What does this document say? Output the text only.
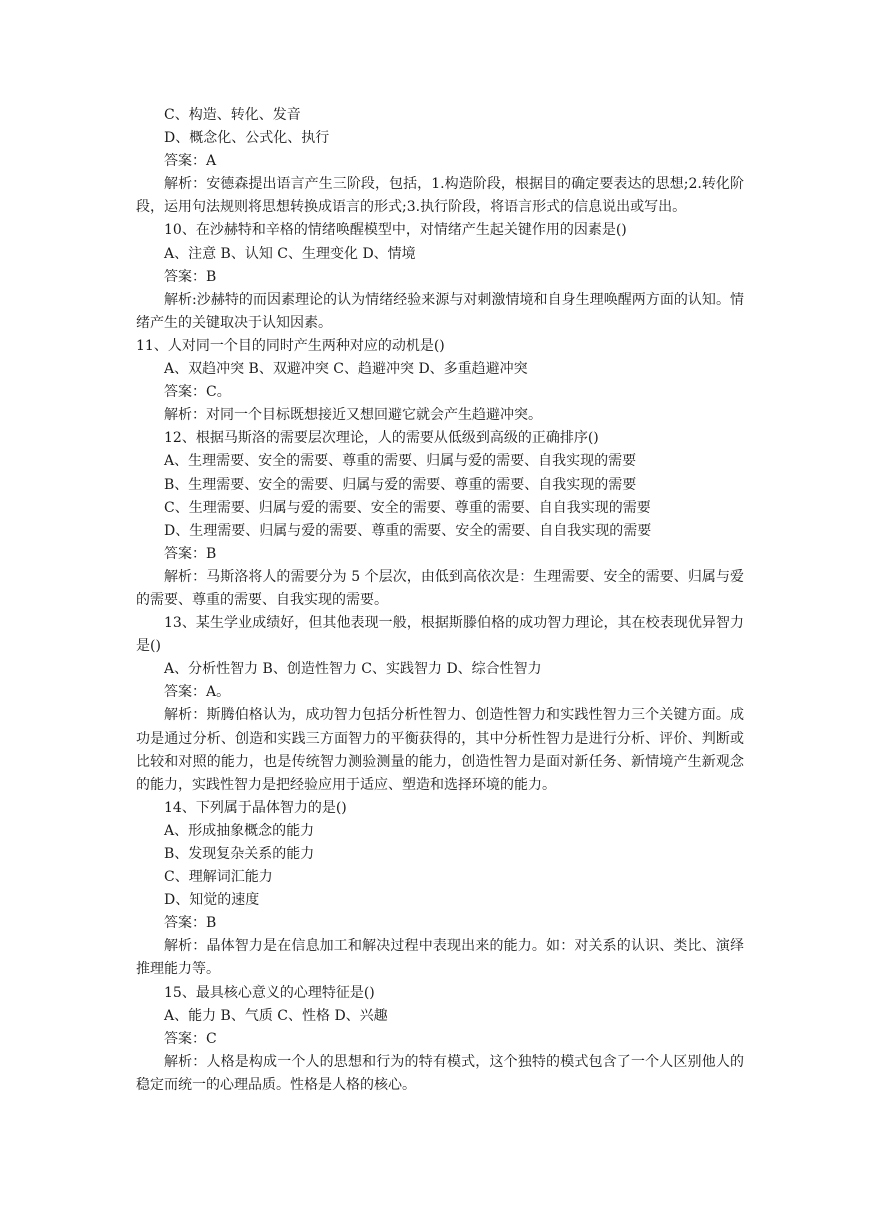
C、构造、转化、发音

D、概念化、公式化、执行

答案：A

解析：安德森提出语言产生三阶段，包括，1.构造阶段，根据目的确定要表达的思想;2.转化阶段，运用句法规则将思想转换成语言的形式;3.执行阶段，将语言形式的信息说出或写出。

10、在沙赫特和辛格的情绪唤醒模型中，对情绪产生起关键作用的因素是()

A、注意 B、认知 C、生理变化 D、情境

答案：B

解析:沙赫特的而因素理论的认为情绪经验来源与对刺激情境和自身生理唤醒两方面的认知。情绪产生的关键取决于认知因素。

11、人对同一个目的同时产生两种对应的动机是()

A、双趋冲突 B、双避冲突 C、趋避冲突 D、多重趋避冲突

答案：C。

解析：对同一个目标既想接近又想回避它就会产生趋避冲突。

12、根据马斯洛的需要层次理论，人的需要从低级到高级的正确排序()

A、生理需要、安全的需要、尊重的需要、归属与爱的需要、自我实现的需要

B、生理需要、安全的需要、归属与爱的需要、尊重的需要、自我实现的需要

C、生理需要、归属与爱的需要、安全的需要、尊重的需要、自自我实现的需要

D、生理需要、归属与爱的需要、尊重的需要、安全的需要、自自我实现的需要

答案：B

解析：马斯洛将人的需要分为 5 个层次，由低到高依次是：生理需要、安全的需要、归属与爱的需要、尊重的需要、自我实现的需要。

13、某生学业成绩好，但其他表现一般，根据斯滕伯格的成功智力理论，其在校表现优异智力是()

A、分析性智力 B、创造性智力 C、实践智力 D、综合性智力

答案：A。

解析：斯腾伯格认为，成功智力包括分析性智力、创造性智力和实践性智力三个关键方面。成功是通过分析、创造和实践三方面智力的平衡获得的，其中分析性智力是进行分析、评价、判断或比较和对照的能力，也是传统智力测验测量的能力，创造性智力是面对新任务、新情境产生新观念的能力，实践性智力是把经验应用于适应、塑造和选择环境的能力。

14、下列属于晶体智力的是()

A、形成抽象概念的能力

B、发现复杂关系的能力

C、理解词汇能力

D、知觉的速度

答案：B

解析：晶体智力是在信息加工和解决过程中表现出来的能力。如：对关系的认识、类比、演绎推理能力等。

15、最具核心意义的心理特征是()

A、能力 B、气质 C、性格 D、兴趣

答案：C

解析：人格是构成一个人的思想和行为的特有模式，这个独特的模式包含了一个人区别他人的稳定而统一的心理品质。性格是人格的核心。
